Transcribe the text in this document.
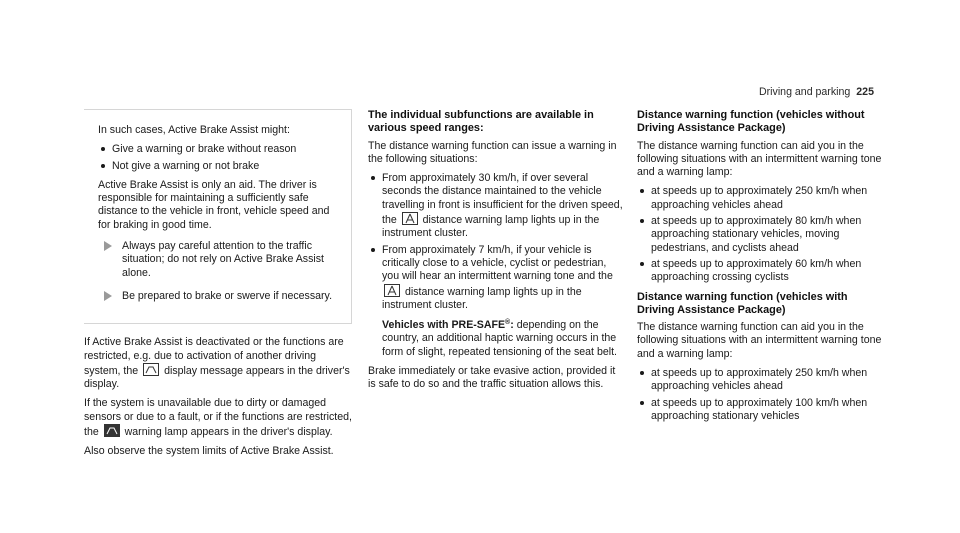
Driving and parking 225

In such cases, Active Brake Assist might:

Give a warning or brake without reason
Not give a warning or not brake

Active Brake Assist is only an aid. The driver is responsible for maintaining a sufficiently safe distance to the vehicle in front, vehicle speed and for braking in good time.

Always pay careful attention to the traffic situation; do not rely on Active Brake Assist alone.
Be prepared to brake or swerve if necessary.

If Active Brake Assist is deactivated or the functions are restricted, e.g. due to activation of another driving system, the display message appears in the driver's display.

If the system is unavailable due to dirty or damaged sensors or due to a fault, or if the functions are restricted, the warning lamp appears in the driver's display.

Also observe the system limits of Active Brake Assist.

The individual subfunctions are available in various speed ranges:

The distance warning function can issue a warning in the following situations:

From approximately 30 km/h, if over several seconds the distance maintained to the vehicle travelling in front is insufficient for the driven speed, the distance warning lamp lights up in the instrument cluster.
From approximately 7 km/h, if your vehicle is critically close to a vehicle, cyclist or pedestrian, you will hear an intermittent warning tone and the  distance warning lamp lights up in the instrument cluster.
Vehicles with PRE-SAFE®: depending on the country, an additional haptic warning occurs in the form of slight, repeated tensioning of the seat belt.

Brake immediately or take evasive action, provided it is safe to do so and the traffic situation allows this.

Distance warning function (vehicles without Driving Assistance Package)

The distance warning function can aid you in the following situations with an intermittent warning tone and a warning lamp:

at speeds up to approximately 250 km/h when approaching vehicles ahead
at speeds up to approximately 80 km/h when approaching stationary vehicles, moving pedestrians, and cyclists ahead
at speeds up to approximately 60 km/h when approaching crossing cyclists
Distance warning function (vehicles with Driving Assistance Package)

The distance warning function can aid you in the following situations with an intermittent warning tone and a warning lamp:

at speeds up to approximately 250 km/h when approaching vehicles ahead
at speeds up to approximately 100 km/h when approaching stationary vehicles
